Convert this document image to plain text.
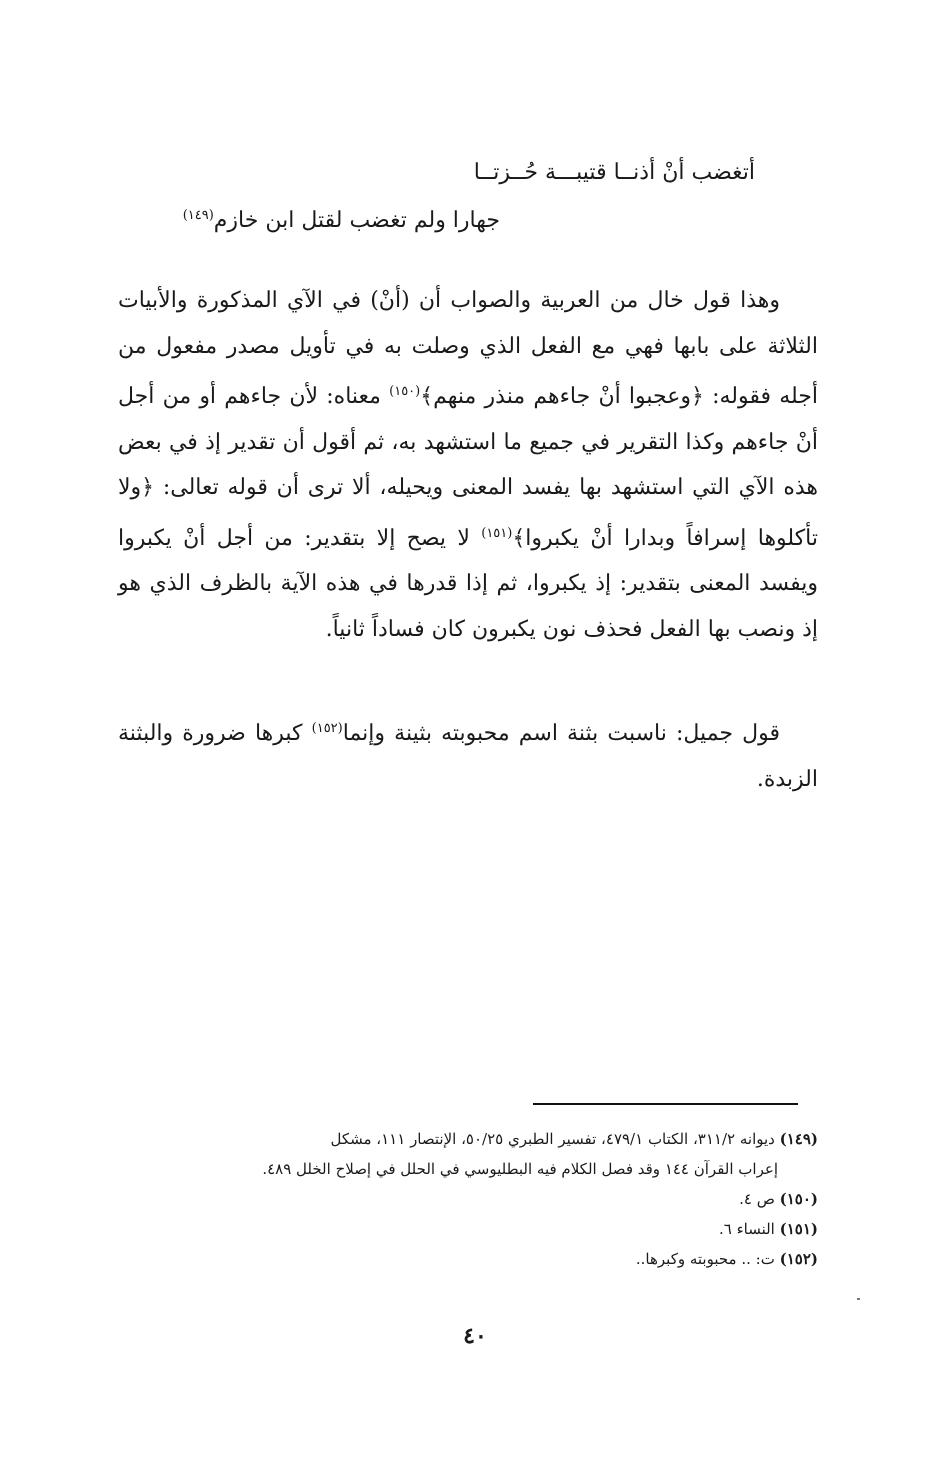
أتغضب أنْ أذنــا قتيبـــة حُــزتــا
جهارا ولم تغضب لقتل ابن خازم$^{(١٤٩)}$

وهذا قول خال من العربية والصواب أن (أنْ) في الآي المذكورة والأبيات الثلاثة على بابها فهي مع الفعل الذي وصلت به في تأويل مصدر مفعول من أجله فقوله: ﴿وعجبوا أنْ جاءهم منذر منهم﴾$^{(١٥٠)}$ معناه: لأن جاءهم أو من أجل أنْ جاءهم وكذا التقرير في جميع ما استشهد به، ثم أقول أن تقدير إذ في بعض هذه الآي التي استشهد بها يفسد المعنى ويحيله، ألا ترى أن قوله تعالى: ﴿ولا تأكلوها إسرافاً وبدارا أنْ يكبروا﴾$^{(١٥١)}$ لا يصح إلا بتقدير: من أجل أنْ يكبروا ويفسد المعنى بتقدير: إذ يكبروا، ثم إذا قدرها في هذه الآية بالظرف الذي هو إذ ونصب بها الفعل فحذف نون يكبرون كان فساداً ثانياً.

قول جميل: ناسبت بثنة اسم محبوبته بثينة وإنما$^{(١٥٢)}$ كبرها ضرورة والبثنة الزبدة.

(١٤٩) ديوانه ٣١١/٢، الكتاب ٤٧٩/١، تفسير الطبري ٥٠/٢٥، الإنتصار ١١١، مشكل

إعراب القرآن ١٤٤ وقد فصل الكلام فيه البطليوسي في الحلل في إصلاح الخلل ٤٨٩.

(١٥٠) ص ٤.

(١٥١) النساء ٦.

(١٥٢) ت: .. محبوبته وكبرها..

٤٠
